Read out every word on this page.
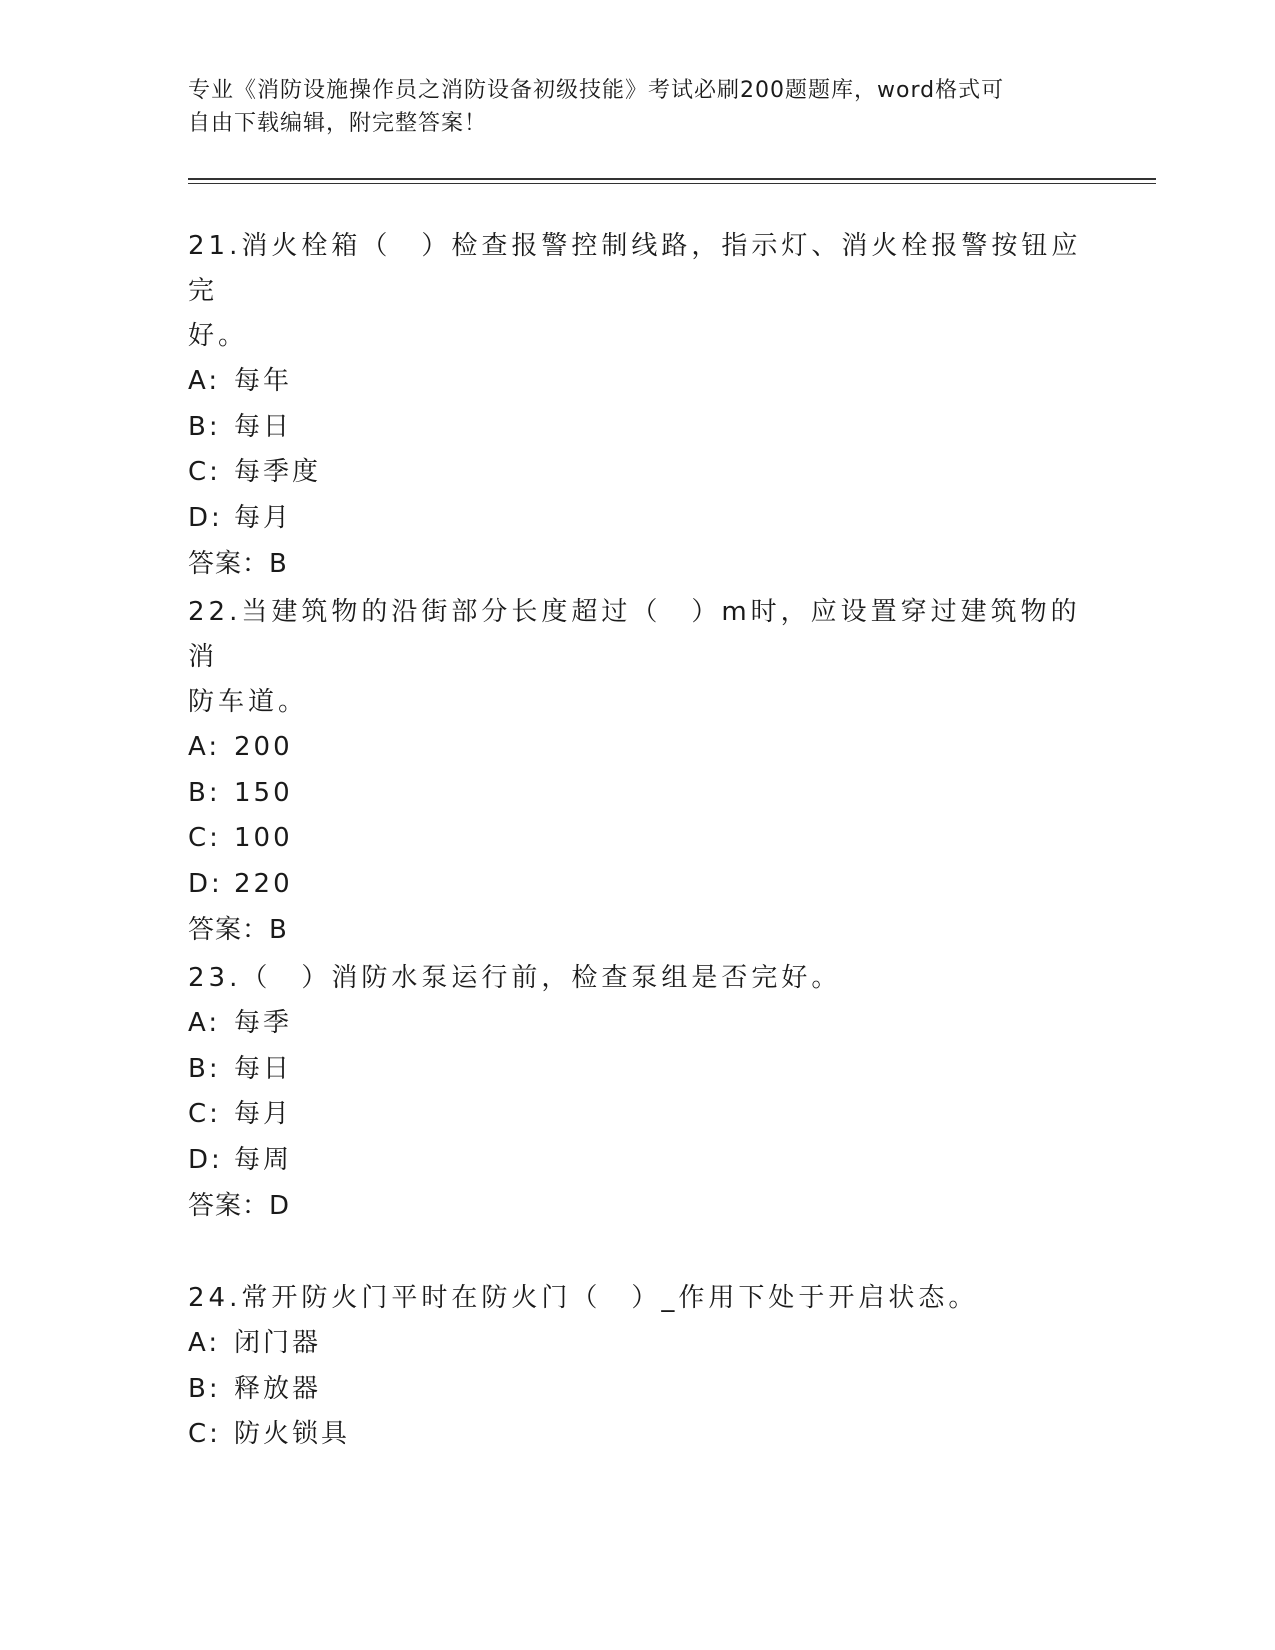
专业《消防设施操作员之消防设备初级技能》考试必刷200题题库，word格式可
自由下载编辑，附完整答案！

21.消火栓箱（　）检查报警控制线路，指示灯、消火栓报警按钮应完

好。

A: 每年

B: 每日

C: 每季度

D: 每月

答案：B

22.当建筑物的沿街部分长度超过（　）m时，应设置穿过建筑物的消

防车道。

A: 200

B: 150

C: 100

D: 220

答案：B

23.（　）消防水泵运行前，检查泵组是否完好。

A: 每季

B: 每日

C: 每月

D: 每周

答案：D

24.常开防火门平时在防火门（　）_作用下处于开启状态。

A: 闭门器

B: 释放器

C: 防火锁具
